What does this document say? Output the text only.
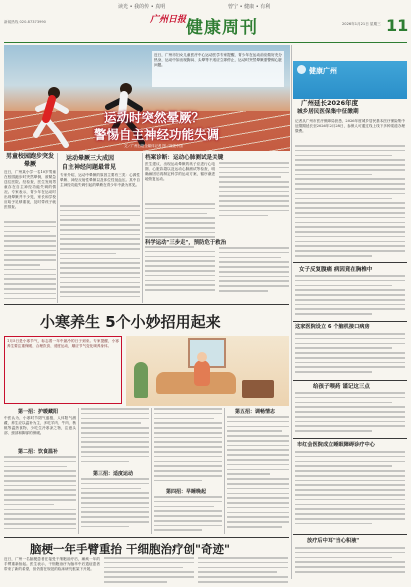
读光 • 我的传 • 真明	曾宁 • 健康 • 有利
新闻热线 020-87373990	广州日报 健康周刊	2026年1月21日 星期三 11
近日，广州市妇女儿童医疗中心运动医学专家提醒，青少年在运动前应做好充分热身，运动中如出现胸闷、头晕等不适应立即停止，运动时突然晕厥需警惕心脏问题。
运动时突然晕厥？
警惕自主神经功能失调
文／广州日报全媒体记者 图／视觉中国
健康广州
广州延长2026年度
城乡居民医保集中征缴期
记者从广州市医疗保障局获悉，2026年度城乡居民基本医疗保险集中征缴期延长至2026年2月28日，参保人可通过线上线下多种渠道办理缴费。
女子反复腹痛 病因竟在胸椎中
这家医院设立 6 个脑机接口病房
给孩子喂药 谨记这三点
市红会医院成立睡眠障碍诊疗中心
放疗后中耳"当心积液"
男童校园跑步突发晕厥
近日，广州某小学一名10岁男童在校园跑步时突然晕倒，被紧急送往医院。经检查，医生发现男童存在自主神经功能失调的情况。专家表示，青少年在运动时出现晕厥并不少见，家长和学校应给予足够重视，及时带孩子就医排查。
运动晕厥三大成因
自主神经问题最常见
专家介绍，运动中晕厥的原因主要有三类：心源性晕厥、神经反射性晕厥以及体位性低血压。其中自主神经功能失调引起的晕厥在青少年中最为常见。
档案诊断：运动心肺测试是关键
医生建议，出现运动晕厥的孩子应进行心电图、心脏彩超以及运动心肺测试等检查，明确病因后再制定科学的运动方案，循序渐进地恢复运动。
科学运动"三步走"，预防危于救治
小寒养生 5个小妙招用起来
1月5日是小寒节气，标志着一年中最冷的日子到来。专家提醒，小寒养生要注重保暖、合理饮食、适度运动，顺应节气变化调养身体。
第一招：护暖藏阳
中医认为，小寒时节阴气盛极，人体阳气潜藏，养生应以温补为主，多吃羊肉、牛肉、核桃等温热食物，少吃生冷寒凉之物，注意头部、颈部和脚部的保暖。
第二招：饮食温补
第三招：适度运动
第四招：早睡晚起
第五招：调畅情志
脑梗一年手臂重抬 干细胞治疗创"奇迹"
近日，广州一名脑梗患者在接受干细胞治疗后，瘫痪一年的手臂重新抬起。医生表示，干细胞治疗为脑卒中后遗症患者带来了新的希望，但仍需在规范的临床研究框架下开展。
